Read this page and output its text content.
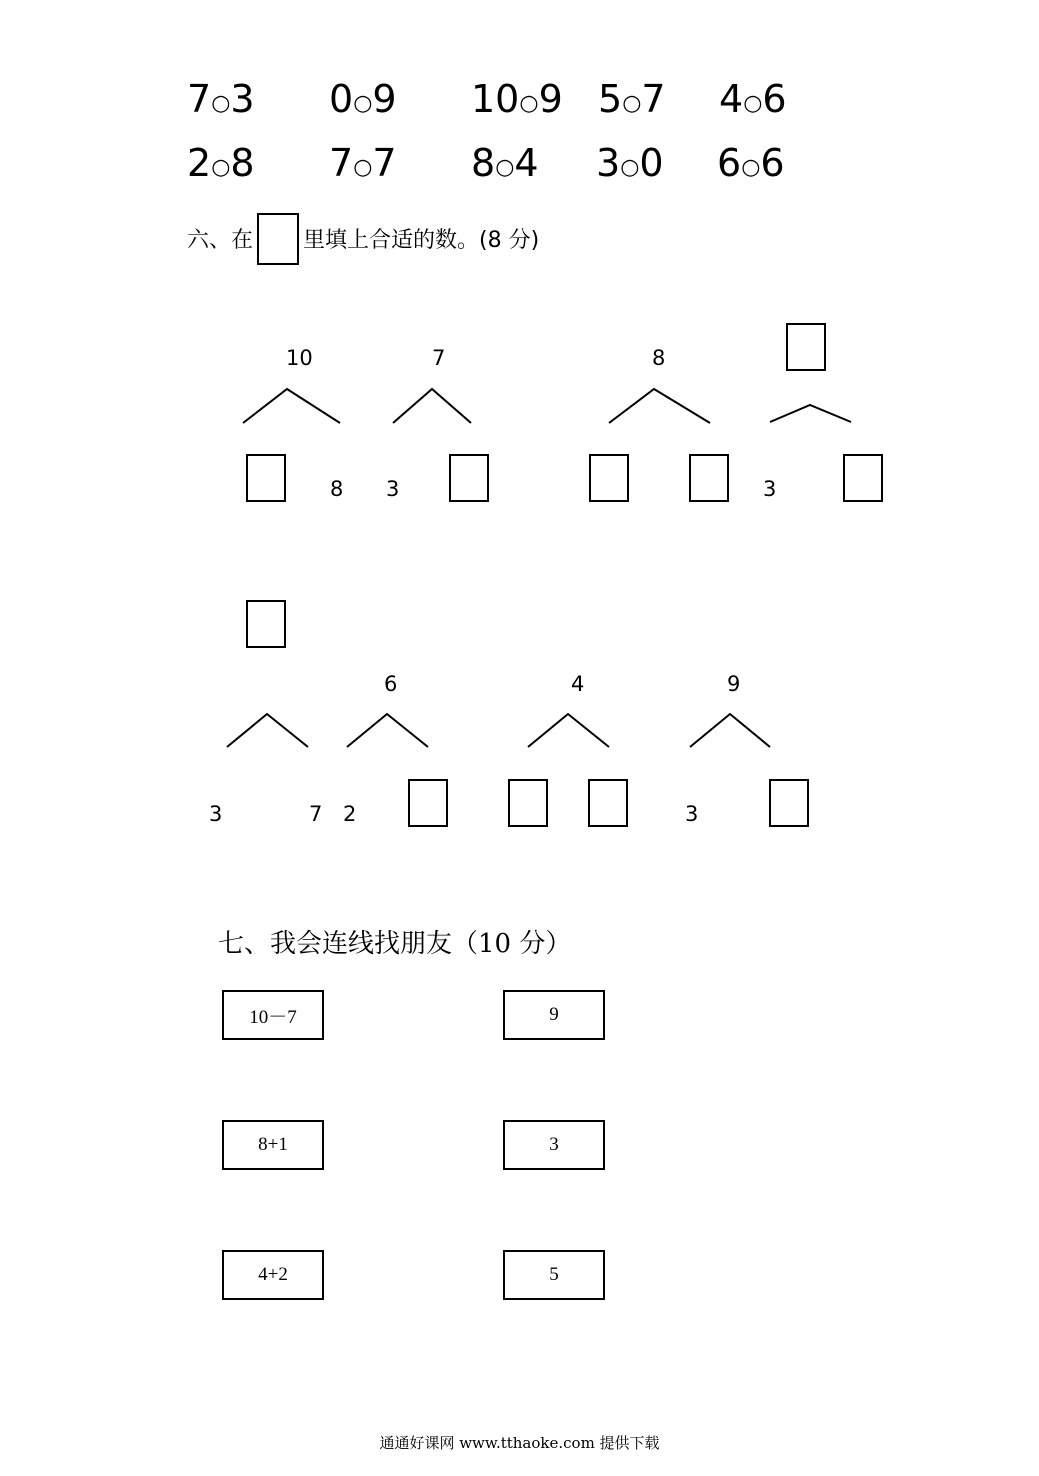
7○3 0○9 10○9 5○7 4○6
2○8 7○7 8○4 3○0 6○6
六、在 里填上合适的数。(8 分)
10
8
7
3
8
3
3	7
6
2
4	9
3
七、我会连线找朋友（10 分）
10－7	9
8+1	3
4+2	5
通通好课网 www.tthaoke.com 提供下载
